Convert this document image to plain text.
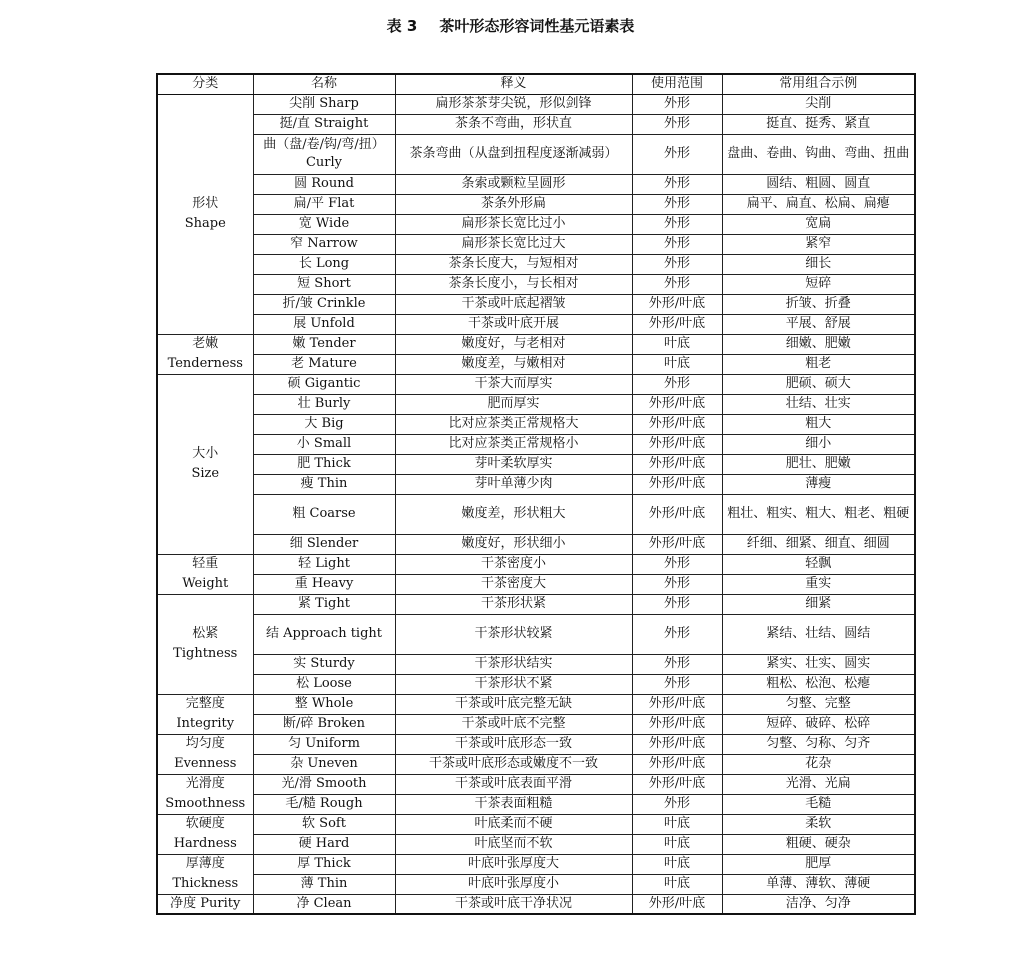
表 3 茶叶形态形容词性基元语素表
分类	名称	释义	使用范围	常用组合示例

形状
Shape	尖削 Sharp	扁形茶茶芽尖锐，形似剑锋	外形	尖削
	挺/直 Straight	茶条不弯曲，形状直	外形	挺直、挺秀、紧直
	曲（盘/卷/钩/弯/扭）Curly	茶条弯曲（从盘到扭程度逐渐减弱）	外形	盘曲、卷曲、钩曲、弯曲、扭曲
	圆 Round	条索或颗粒呈圆形	外形	圆结、粗圆、圆直
	扁/平 Flat	茶条外形扁	外形	扁平、扁直、松扁、扁瘪
	宽 Wide	扁形茶长宽比过小	外形	宽扁
	窄 Narrow	扁形茶长宽比过大	外形	紧窄
	长 Long	茶条长度大，与短相对	外形	细长
	短 Short	茶条长度小，与长相对	外形	短碎
	折/皱 Crinkle	干茶或叶底起褶皱	外形/叶底	折皱、折叠
	展 Unfold	干茶或叶底开展	外形/叶底	平展、舒展

老嫩
Tenderness	嫩 Tender	嫩度好，与老相对	叶底	细嫩、肥嫩
	老 Mature	嫩度差，与嫩相对	叶底	粗老

大小
Size	硕 Gigantic	干茶大而厚实	外形	肥硕、硕大
	壮 Burly	肥而厚实	外形/叶底	壮结、壮实
	大 Big	比对应茶类正常规格大	外形/叶底	粗大
	小 Small	比对应茶类正常规格小	外形/叶底	细小
	肥 Thick	芽叶柔软厚实	外形/叶底	肥壮、肥嫩
	瘦 Thin	芽叶单薄少肉	外形/叶底	薄瘦
	粗 Coarse	嫩度差，形状粗大	外形/叶底	粗壮、粗实、粗大、粗老、粗硬
	细 Slender	嫩度好，形状细小	外形/叶底	纤细、细紧、细直、细圆

轻重
Weight	轻 Light	干茶密度小	外形	轻飘
	重 Heavy	干茶密度大	外形	重实

松紧
Tightness	紧 Tight	干茶形状紧	外形	细紧
	结 Approach tight	干茶形状较紧	外形	紧结、壮结、圆结
	实 Sturdy	干茶形状结实	外形	紧实、壮实、圆实
	松 Loose	干茶形状不紧	外形	粗松、松泡、松瘪

完整度
Integrity	整 Whole	干茶或叶底完整无缺	外形/叶底	匀整、完整
	断/碎 Broken	干茶或叶底不完整	外形/叶底	短碎、破碎、松碎

均匀度
Evenness	匀 Uniform	干茶或叶底形态一致	外形/叶底	匀整、匀称、匀齐
	杂 Uneven	干茶或叶底形态或嫩度不一致	外形/叶底	花杂

光滑度
Smoothness	光/滑 Smooth	干茶或叶底表面平滑	外形/叶底	光滑、光扁
	毛/糙 Rough	干茶表面粗糙	外形	毛糙

软硬度
Hardness	软 Soft	叶底柔而不硬	叶底	柔软
	硬 Hard	叶底坚而不软	叶底	粗硬、硬杂

厚薄度
Thickness	厚 Thick	叶底叶张厚度大	叶底	肥厚
	薄 Thin	叶底叶张厚度小	叶底	单薄、薄软、薄硬
净度 Purity	净 Clean	干茶或叶底干净状况	外形/叶底	洁净、匀净
